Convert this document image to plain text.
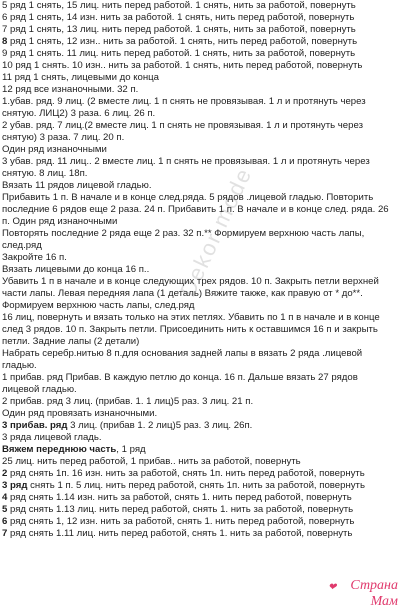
5 ряд 1 снять, 15 лиц. нить перед работой. 1 снять, нить за работой, повернуть
6 ряд 1 снять, 14 изн. нить за работой. 1 снять, нить перед работой, повернуть
7 ряд 1 снять, 13 лиц. нить перед работой. 1 снять, нить за работой, повернуть
8 ряд 1 снять, 12 изн.. нить за работой. 1 снять, нить перед работой, повернуть
9 ряд 1 снять. 11 лиц. нить перед работой. 1 снять, нить за работой, повернуть
10 ряд 1 снять. 10 изн.. нить за работой. 1 снять, нить перед работой, повернуть
11 ряд 1 снять, лицевыми до конца
12 ряд все изнаночными. 32 п.
1.убав. ряд. 9 лиц. (2 вместе лиц. 1 п снять не провязывая. 1 л и протянуть через
снятую. ЛИЦ2) 3 раза. 6 лиц. 26 п.
2 убав. ряд. 7 лиц.(2 вместе лиц. 1 п снять не провязывая. 1 л и протянуть через
снятую) 3 раза. 7 лиц. 20 п.
Один ряд изнаночными
3 убав. ряд. 11 лиц.. 2 вместе лиц. 1 п снять не провязывая. 1 л и протянуть через
снятую. 8 лиц. 18п.
Вязать 11 рядов лицевой гладью.
Прибавить 1 п. В начале и в конце след.ряда. 5 рядов .лицевой гладью. Повторить
последние 6 рядов еще 2 раза. 24 п. Прибавить 1 п. В начале и в конце след. ряда. 26
п. Один ряд изнаночными
Повторять последние 2 ряда еще 2 раз. 32 п.** Формируем верхнюю часть лапы,
след.ряд
Закройте 16 п.
Вязать лицевыми до конца 16 п..
Убавить 1 п в начале и в конце следующих трех рядов. 10 п. Закрыть петли верхней
части лапы. Левая передняя лапа (1 деталь) Вяжите также, как правую от * до**.
Формируем верхнюю часть лапы, след.ряд
16 лиц, повернуть и вязать только на этих петлях. Убавить по 1 п в начале и в конце
след 3 рядов. 10 п. Закрыть петли. Присоединить нить к оставшимся 16 п и закрыть
петли. Задние лапы (2 детали)
Набрать серебр.нитью 8 п.для основания задней лапы в вязать 2 ряда .лицевой
гладью.
1 прибав. ряд Прибав. В каждую петлю до конца. 16 п. Дальше вязать 27 рядов
лицевой гладью.
2 прибав. ряд 3 лиц. (прибав. 1. 1 лиц)5 раз. 3 лиц. 21 п.
Один ряд провязать изнаночными.
3 прибав. ряд 3 лиц. (прибав 1. 2 лиц)5 раз. 3 лиц. 26п.
3 ряда лицевой гладь.
Вяжем переднюю часть, 1 ряд
25 лиц. нить перед работой, 1 прибав.. нить за работой, повернуть
2 ряд снять 1п. 16 изн. нить за работой, снять 1п. нить перед работой, повернуть
3 ряд снять 1 п. 5 лиц. нить перед работой, снять 1п. нить за работой, повернуть
4 ряд снять 1.14 изн. нить за работой, снять 1. нить перед работой, повернуть
5 ряд снять 1.13 лиц. нить перед работой, снять 1. нить за работой, повернуть
6 ряд снять 1, 12 изн. нить за работой, снять 1. нить перед работой, повернуть
7 ряд снять 1.11 лиц. нить перед работой, снять 1. нить за работой, повернуть
Dekor mode
❤ Страна Мам
